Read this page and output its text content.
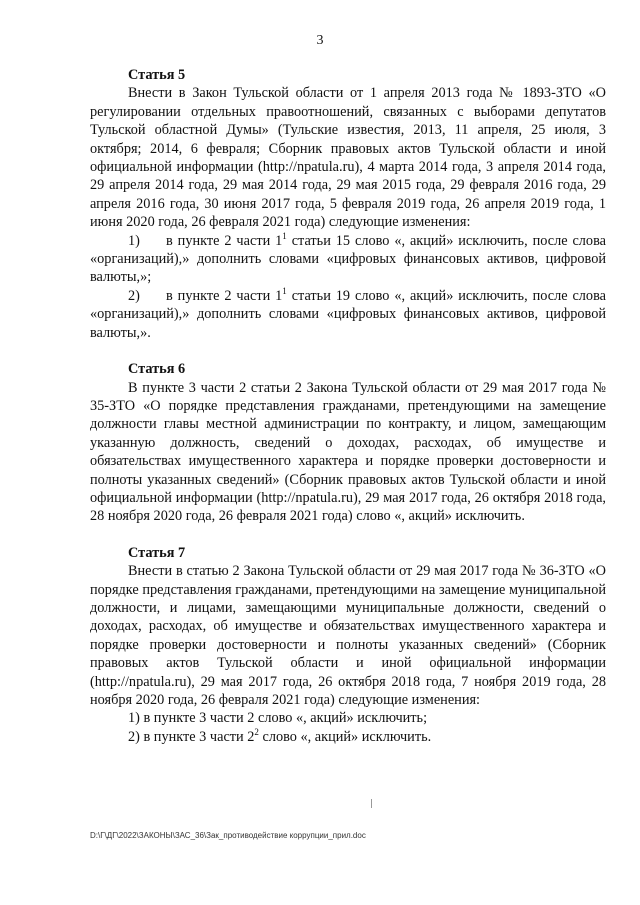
3

Статья 5

Внести в Закон Тульской области от 1 апреля 2013 года № 1893-ЗТО «О регулировании отдельных правоотношений, связанных с выборами депутатов Тульской областной Думы» (Тульские известия, 2013, 11 апреля, 25 июля, 3 октября; 2014, 6 февраля; Сборник правовых актов Тульской области и иной официальной информации (http://npatula.ru), 4 марта 2014 года, 3 апреля 2014 года, 29 апреля 2014 года, 29 мая 2014 года, 29 мая 2015 года, 29 февраля 2016 года, 29 апреля 2016 года, 30 июня 2017 года, 5 февраля 2019 года, 26 апреля 2019 года, 1 июня 2020 года, 26 февраля 2021 года) следующие изменения:

1) в пункте 2 части $1^1$ статьи 15 слово «, акций» исключить, после слова «организаций),» дополнить словами «цифровых финансовых активов, цифровой валюты,»;

2) в пункте 2 части $1^1$ статьи 19 слово «, акций» исключить, после слова «организаций),» дополнить словами «цифровых финансовых активов, цифровой валюты,».

Статья 6

В пункте 3 части 2 статьи 2 Закона Тульской области от 29 мая 2017 года № 35-ЗТО «О порядке представления гражданами, претендующими на замещение должности главы местной администрации по контракту, и лицом, замещающим указанную должность, сведений о доходах, расходах, об имуществе и обязательствах имущественного характера и порядке проверки достоверности и полноты указанных сведений» (Сборник правовых актов Тульской области и иной официальной информации (http://npatula.ru), 29 мая 2017 года, 26 октября 2018 года, 28 ноября 2020 года, 26 февраля 2021 года) слово «, акций» исключить.

Статья 7

Внести в статью 2 Закона Тульской области от 29 мая 2017 года № 36-ЗТО «О порядке представления гражданами, претендующими на замещение муниципальной должности, и лицами, замещающими муниципальные должности, сведений о доходах, расходах, об имуществе и обязательствах имущественного характера и порядке проверки достоверности и полноты указанных сведений» (Сборник правовых актов Тульской области и иной официальной информации (http://npatula.ru), 29 мая 2017 года, 26 октября 2018 года, 7 ноября 2019 года, 28 ноября 2020 года, 26 февраля 2021 года) следующие изменения:

1) в пункте 3 части 2 слово «, акций» исключить;

2) в пункте 3 части $2^2$ слово «, акций» исключить.

D:\Г\ДГ\2022\ЗАКОНЫ\ЗАС_36\Зак_противодействие коррупции_прил.doc
